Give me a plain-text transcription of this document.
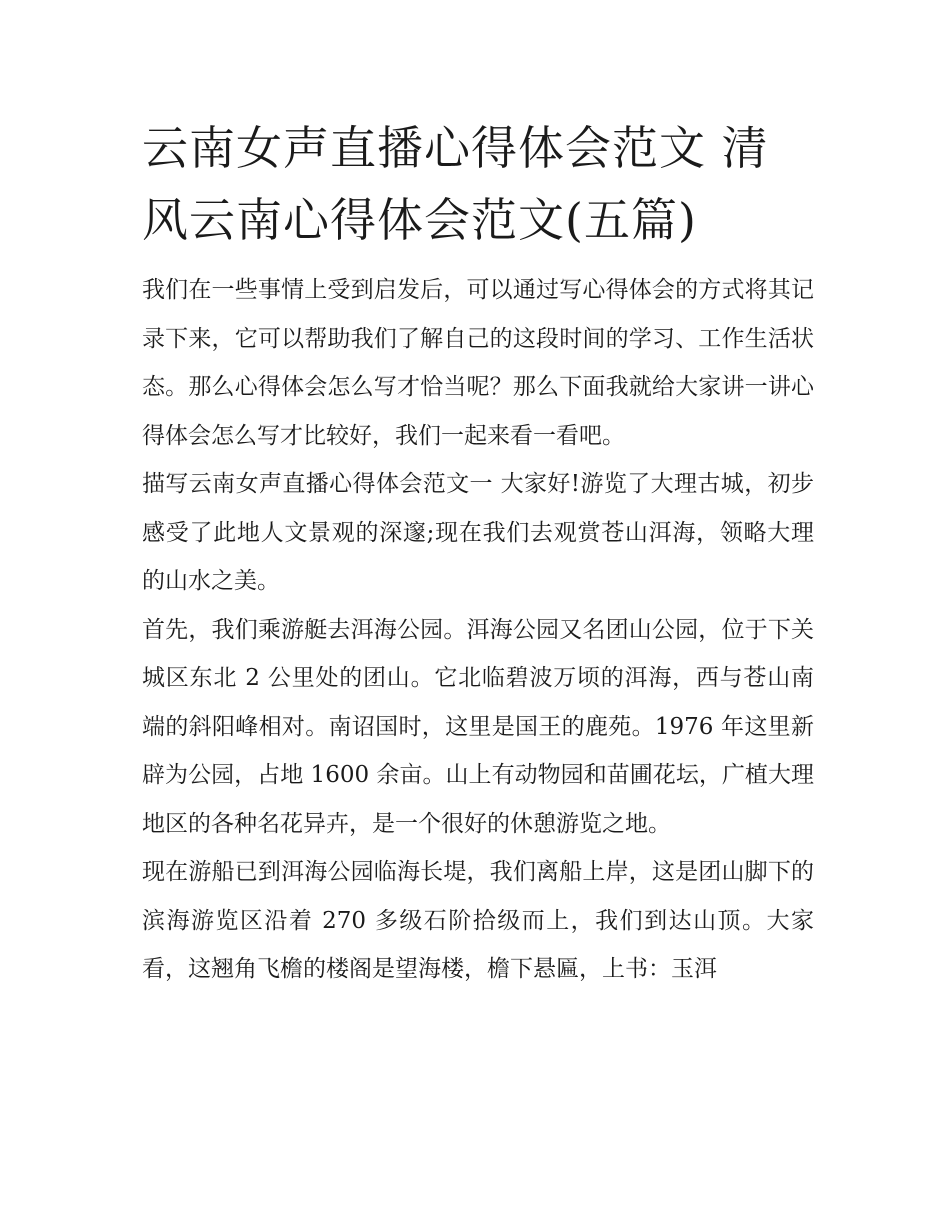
云南女声直播心得体会范文 清风云南心得体会范文(五篇)

我们在一些事情上受到启发后，可以通过写心得体会的方式将其记录下来，它可以帮助我们了解自己的这段时间的学习、工作生活状态。那么心得体会怎么写才恰当呢？那么下面我就给大家讲一讲心得体会怎么写才比较好，我们一起来看一看吧。

描写云南女声直播心得体会范文一 大家好!游览了大理古城，初步感受了此地人文景观的深邃;现在我们去观赏苍山洱海，领略大理的山水之美。

首先，我们乘游艇去洱海公园。洱海公园又名团山公园，位于下关城区东北 2 公里处的团山。它北临碧波万顷的洱海，西与苍山南端的斜阳峰相对。南诏国时，这里是国王的鹿苑。1976 年这里新辟为公园，占地 1600 余亩。山上有动物园和苗圃花坛，广植大理地区的各种名花异卉，是一个很好的休憩游览之地。

现在游船已到洱海公园临海长堤，我们离船上岸，这是团山脚下的滨海游览区沿着 270 多级石阶拾级而上，我们到达山顶。大家看，这翘角飞檐的楼阁是望海楼，檐下悬匾，上书：玉洱
